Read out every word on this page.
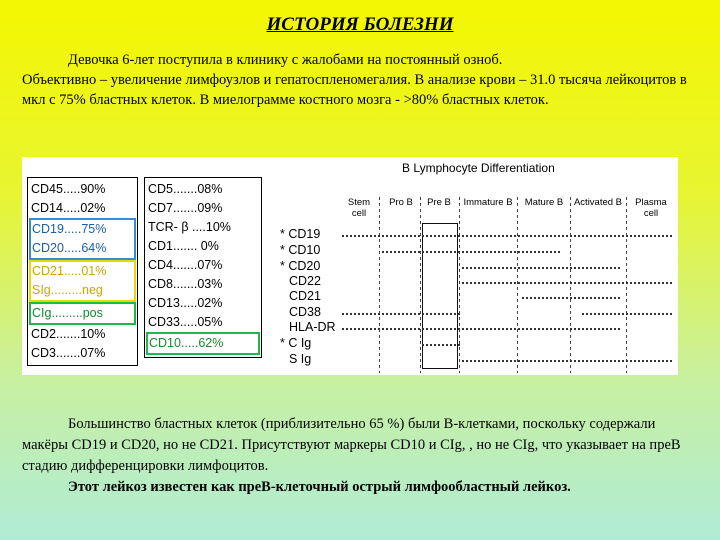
ИСТОРИЯ БОЛЕЗНИ

Девочка 6-лет поступила в клинику с жалобами на постоянный озноб.

Объективно – увеличение лимфоузлов и гепатоспленомегалия. В анализе крови – 31.0 тысяча лейкоцитов в мкл с 75% бластных клеток. В миелограмме костного мозга - >80% бластных клеток.

CD45.....90%
CD14.....02%
CD19.....75%
CD20.....64%
CD21.....01%
SIg.........neg
CIg.........pos
CD2.......10%
CD3.......07%
CD5.......08%
CD7.......09%
TCR- β ....10%
CD1....... 0%
CD4.......07%
CD8.......03%
CD13.....02%
CD33.....05%
CD10.....62%
B Lymphocyte Differentiation
Stem cell
Pro B	Pre B	Immature B	Mature B	Activated B	Plasma cell
* CD19
* CD10
* CD20
CD22
CD21
CD38
HLA-DR
* C Ig
S Ig

Большинство бластных клеток (приблизительно 65 %) были B-клетками, поскольку содержали макёры CD19 и CD20, но не CD21. Присутствуют маркеры CD10 и CIg, , но не CIg, что указывает на преВ стадию дифференцировки лимфоцитов.

Этот лейкоз известен как преВ-клеточный острый лимфообластный лейкоз.
